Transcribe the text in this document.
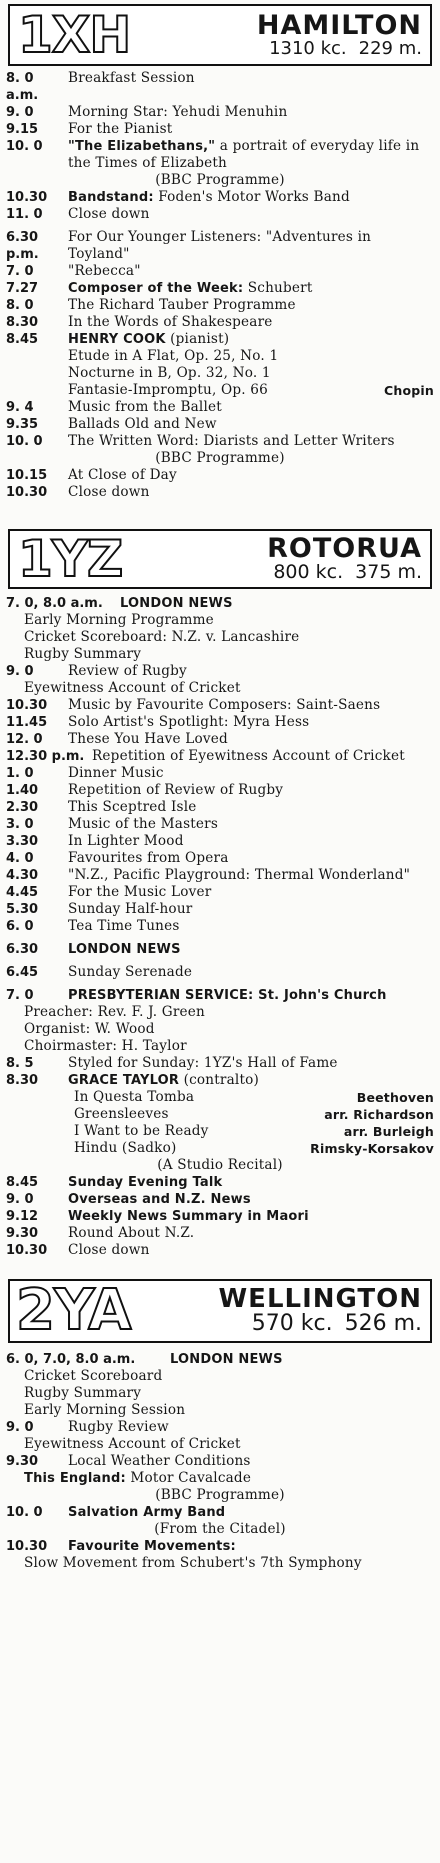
1XH	HAMILTON
1310 kc. 229 m.
8. 0 a.m.
Breakfast Session
9. 0	Morning Star: Yehudi Menuhin
9.15	For the Pianist
10. 0	"The Elizabethans," a portrait of everyday life in the Times of Elizabeth
(BBC Programme)
10.30	Bandstand: Foden's Motor Works Band
11. 0	Close down
6.30 p.m.
For Our Younger Listeners: "Adventures in Toyland"
7. 0	"Rebecca"
7.27	Composer of the Week: Schubert
8. 0	The Richard Tauber Programme
8.30	In the Words of Shakespeare
8.45	HENRY COOK (pianist)
Etude in A Flat, Op. 25, No. 1
Nocturne in B, Op. 32, No. 1
Fantasie-Impromptu, Op. 66	Chopin
9. 4	Music from the Ballet
9.35	Ballads Old and New
10. 0	The Written Word: Diarists and Letter Writers
(BBC Programme)
10.15	At Close of Day
10.30	Close down
1YZ	ROTORUA
800 kc. 375 m.
7. 0, 8.0 a.m.	LONDON NEWS
Early Morning Programme
Cricket Scoreboard: N.Z. v. Lancashire
Rugby Summary
9. 0	Review of Rugby
Eyewitness Account of Cricket
10.30	Music by Favourite Composers: Saint-Saens
11.45	Solo Artist's Spotlight: Myra Hess
12. 0	These You Have Loved
12.30 p.m. Repetition of Eyewitness Account of Cricket
1. 0	Dinner Music
1.40	Repetition of Review of Rugby
2.30	This Sceptred Isle
3. 0	Music of the Masters
3.30	In Lighter Mood
4. 0	Favourites from Opera
4.30	"N.Z., Pacific Playground: Thermal Wonderland"
4.45	For the Music Lover
5.30	Sunday Half-hour
6. 0	Tea Time Tunes
6.30	LONDON NEWS
6.45	Sunday Serenade
7. 0	PRESBYTERIAN SERVICE: St. John's Church
Preacher: Rev. F. J. Green
Organist: W. Wood
Choirmaster: H. Taylor
8. 5	Styled for Sunday: 1YZ's Hall of Fame
8.30	GRACE TAYLOR (contralto)
In Questa Tomba	Beethoven
Greensleeves	arr. Richardson
I Want to be Ready	arr. Burleigh
Hindu (Sadko)	Rimsky-Korsakov
(A Studio Recital)
8.45	Sunday Evening Talk
9. 0	Overseas and N.Z. News
9.12	Weekly News Summary in Maori
9.30	Round About N.Z.
10.30	Close down
2YA	WELLINGTON
570 kc. 526 m.
6. 0, 7.0, 8.0 a.m.	LONDON NEWS
Cricket Scoreboard
Rugby Summary
Early Morning Session
9. 0	Rugby Review
Eyewitness Account of Cricket
9.30	Local Weather Conditions
This England: Motor Cavalcade
(BBC Programme)
10. 0	Salvation Army Band
(From the Citadel)
10.30	Favourite Movements:
Slow Movement from Schubert's 7th Symphony
